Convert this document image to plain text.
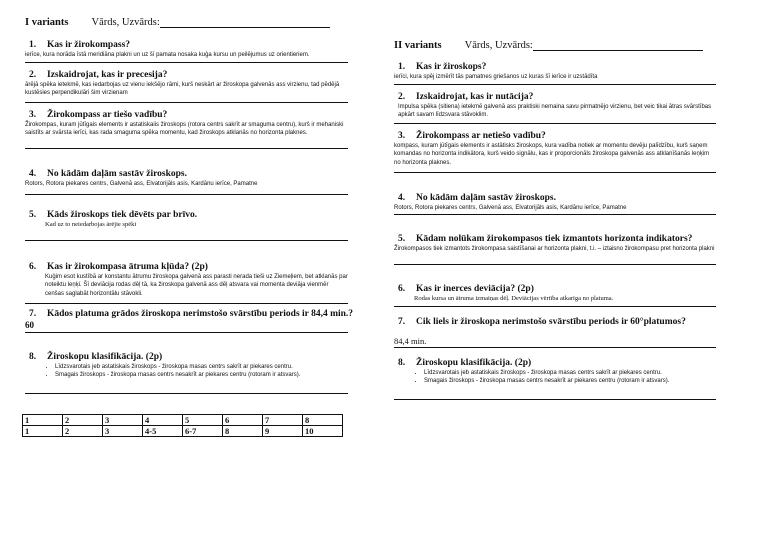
I variants Vārds, Uzvārds:
1. Kas ir žirokompass?
ierīce, kura norāda īstā meridiāna plakni un uz šī pamata nosaka kuģa kursu un peilējumus uz orientieriem.
2. Izskaidrojat, kas ir precesija?
ārējā spēka ietekmē, kas iedarbojas uz vienu iekšējo rāmi, kurš neskārt ar žiroskopa galvenās ass virzienu, tad pēdējā kustēsies perpendikulāri šim virzienam
3. Žirokompass ar tiešo vadību?
Žirokompas, kuram jūtīgais elements ir astatiskaiis žiroskops (rotora centrs sakrīt ar smaguma centru), kurš ir mehaniski saistīts ar svārsta ierīci, kas rada smaguma spēka momentu, kad žiroskops atklanās no horizonta plaknes.
4. No kādām daļām sastāv žiroskops.
Rotors, Rotora piekares centrs, Galvenā ass, Elvatorijāls asis, Kardānu ierīce, Pamatne
5. Kāds žiroskops tiek dēvēts par brīvo.
Kad uz to neiedarbojas ārējie spēki
6. Kas ir žirokompasa ātruma kļūda? (2p)
Kuģim esot kustībā ar konstantu ātrumu žiroskopa galvenā ass parasti nerada tieši uz Ziemeļiem, bet atklanās par noteiktu leņķi. Šī deviācija rodas dēļ tā, ka žiroskopa galvenā ass dēļ atsvara vai momenta deviāja vienmēr cenšas saglabāt horizontālu stāvokli.
7. Kādos platuma grādos žiroskopa nerimstošo svārstību periods ir 84,4 min.?
60
8. Žiroskopu klasifikācija. (2p)
• Līdzsvarotais jeb astatiskais žiroskops - žiroskopa masas centrs sakrīt ar piekares centru.
• Smagais žiroskops - žiroskopa masas centrs nesakrīt ar piekares centru (rotoram ir atsvars).
1	2	3	4	5	6	7	8
1	2	3	4-5	6-7	8	9	10
II variants Vārds, Uzvārds:
1. Kas ir žiroskops?
ierīci, kura spēj izmērīt tās pamatnes griešanos uz kuras šī ierīce ir uzstādīta
2. Izskaidrojat, kas ir nutācija?
Impulsa spēka (sitiena) ietekmē galvenā ass praktiski nemaina savu pirmatnējo virzienu, bet veic tikai ātras svārstības apkārt savam līdzsvara stāvoklim.
3. Žirokompass ar netiešo vadību?
kompass, kuram jūtīgais elements ir astātisks žiroskops, kura vadība notiek ar momentu devēju palīdzību, kurš saņem komandas no horizonta indikātora, kurš veido signālu, kas ir proporcionāls žiroskopa galvenās ass atklanīšanās leņķim no horizonta plaknes.
4. No kādām daļām sastāv žiroskops.
Rotors, Rotora piekares centrs, Galvenā ass, Elvatorijāls asis, Kardānu ierīce, Pamatne
5. Kādam nolūkam žirokompasos tiek izmantots horizonta indikators?
Žirokompasos tiek izmantots žirokompasa saistīšanai ar horizonta plakni, t.i. – iztaisno žirokompasu pret horizonta plakni
6. Kas ir inerces deviācija? (2p)
Rodas kursa un ātruma izmaiņas dēļ. Deviācijas vērtība atkarīga no platuma.
7. Cik liels ir žiroskopa nerimstošo svārstību periods ir 60°platumos?
84,4 min.
8. Žiroskopu klasifikācija. (2p)
• Līdzsvarotais jeb astatiskais žiroskops - žiroskopa masas centrs sakrīt ar piekares centru.
• Smagais žiroskops - žiroskopa masas centrs nesakrīt ar piekares centru (rotoram ir atsvars).
